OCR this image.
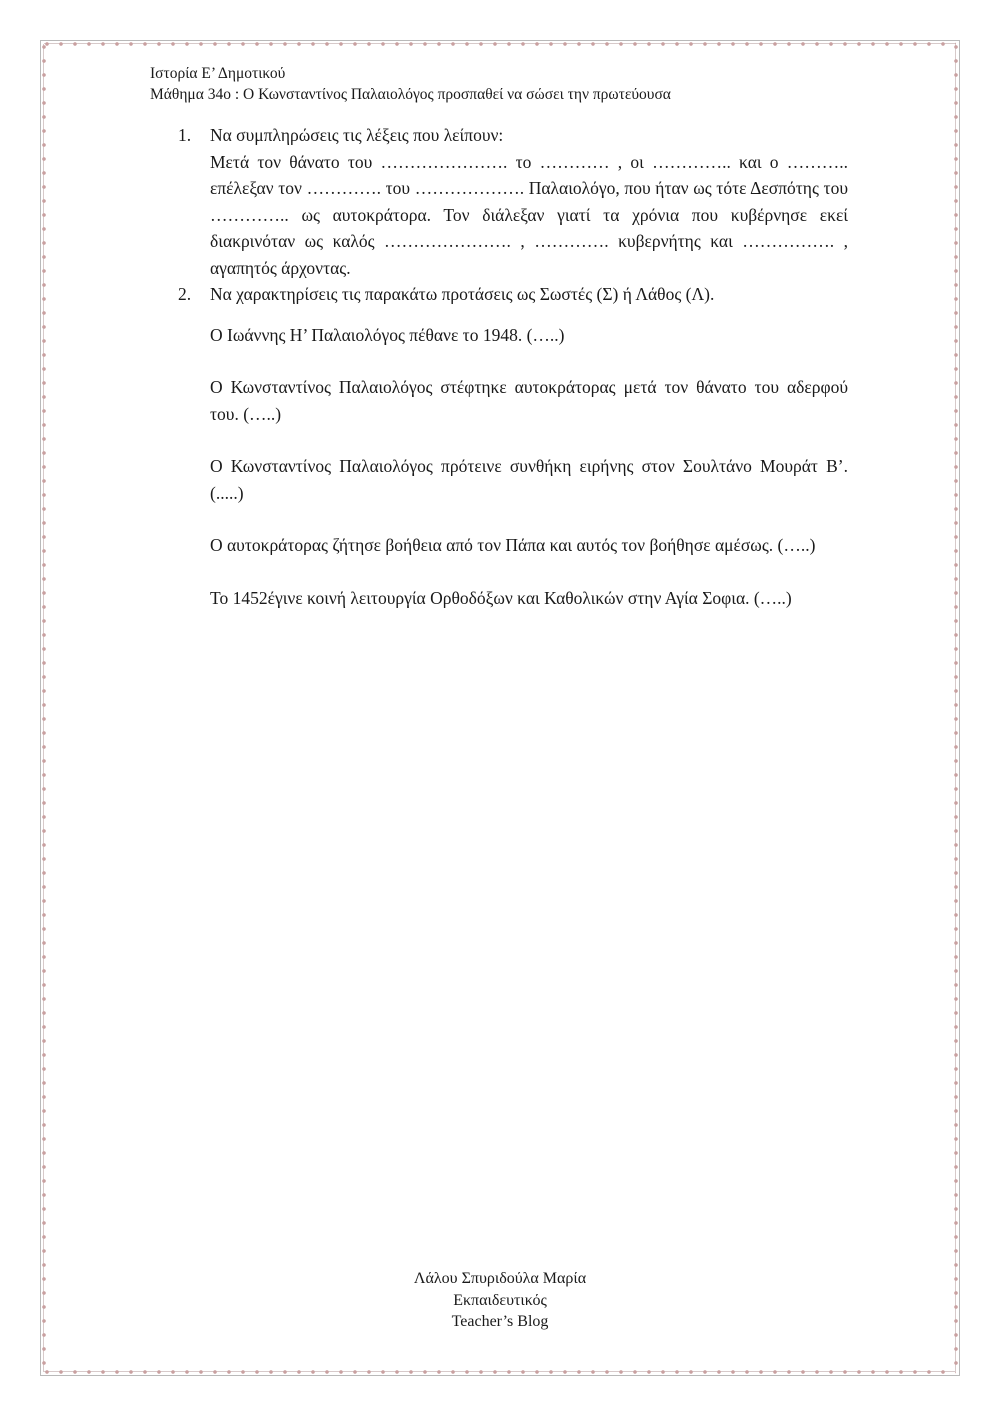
Ιστορία Ε’ Δημοτικού
Μάθημα 34ο : Ο Κωνσταντίνος Παλαιολόγος προσπαθεί να σώσει την πρωτεύουσα
1.	Να συμπληρώσεις τις λέξεις που λείπουν:
Μετά τον θάνατο του …………………. το ………… , οι ………….. και ο ……….. επέλεξαν τον …………. του ………………. Παλαιολόγο, που ήταν ως τότε Δεσπότης του ………….. ως αυτοκράτορα. Τον διάλεξαν γιατί τα χρόνια που κυβέρνησε εκεί διακρινόταν ως καλός …………………. , …………. κυβερνήτης και ……………. , αγαπητός άρχοντας.
2.	Να χαρακτηρίσεις τις παρακάτω προτάσεις ως Σωστές (Σ) ή Λάθος (Λ).

Ο Ιωάννης Η’ Παλαιολόγος πέθανε το 1948. (…..)

Ο Κωνσταντίνος Παλαιολόγος στέφτηκε αυτοκράτορας μετά τον θάνατο του αδερφού του. (…..)

Ο Κωνσταντίνος Παλαιολόγος πρότεινε συνθήκη ειρήνης στον Σουλτάνο Μουράτ Β’. (.....)

Ο αυτοκράτορας ζήτησε βοήθεια από τον Πάπα και αυτός τον βοήθησε αμέσως. (…..)

Το 1452έγινε κοινή λειτουργία Ορθοδόξων και Καθολικών στην Αγία Σοφια. (…..)

Λάλου Σπυριδούλα Μαρία
Εκπαιδευτικός
Teacher’s Blog
